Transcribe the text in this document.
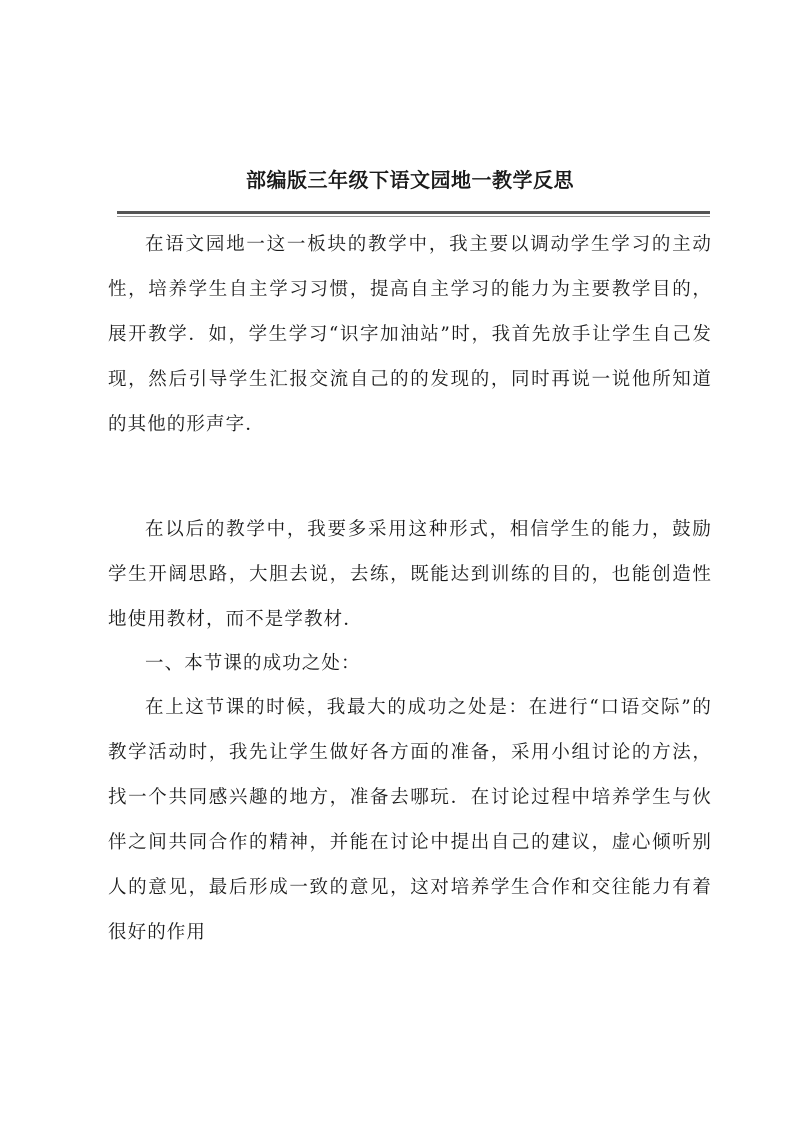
部编版三年级下语文园地一教学反思

在语文园地一这一板块的教学中，我主要以调动学生学习的主动性，培养学生自主学习习惯，提高自主学习的能力为主要教学目的，展开教学．如，学生学习“识字加油站”时，我首先放手让学生自己发现，然后引导学生汇报交流自己的的发现的，同时再说一说他所知道的其他的形声字．

在以后的教学中，我要多采用这种形式，相信学生的能力，鼓励学生开阔思路，大胆去说，去练，既能达到训练的目的，也能创造性地使用教材，而不是学教材．

一、本节课的成功之处：

在上这节课的时候，我最大的成功之处是：在进行“口语交际”的教学活动时，我先让学生做好各方面的准备，采用小组讨论的方法，找一个共同感兴趣的地方，准备去哪玩．在讨论过程中培养学生与伙伴之间共同合作的精神，并能在讨论中提出自己的建议，虚心倾听别人的意见，最后形成一致的意见，这对培养学生合作和交往能力有着很好的作用
